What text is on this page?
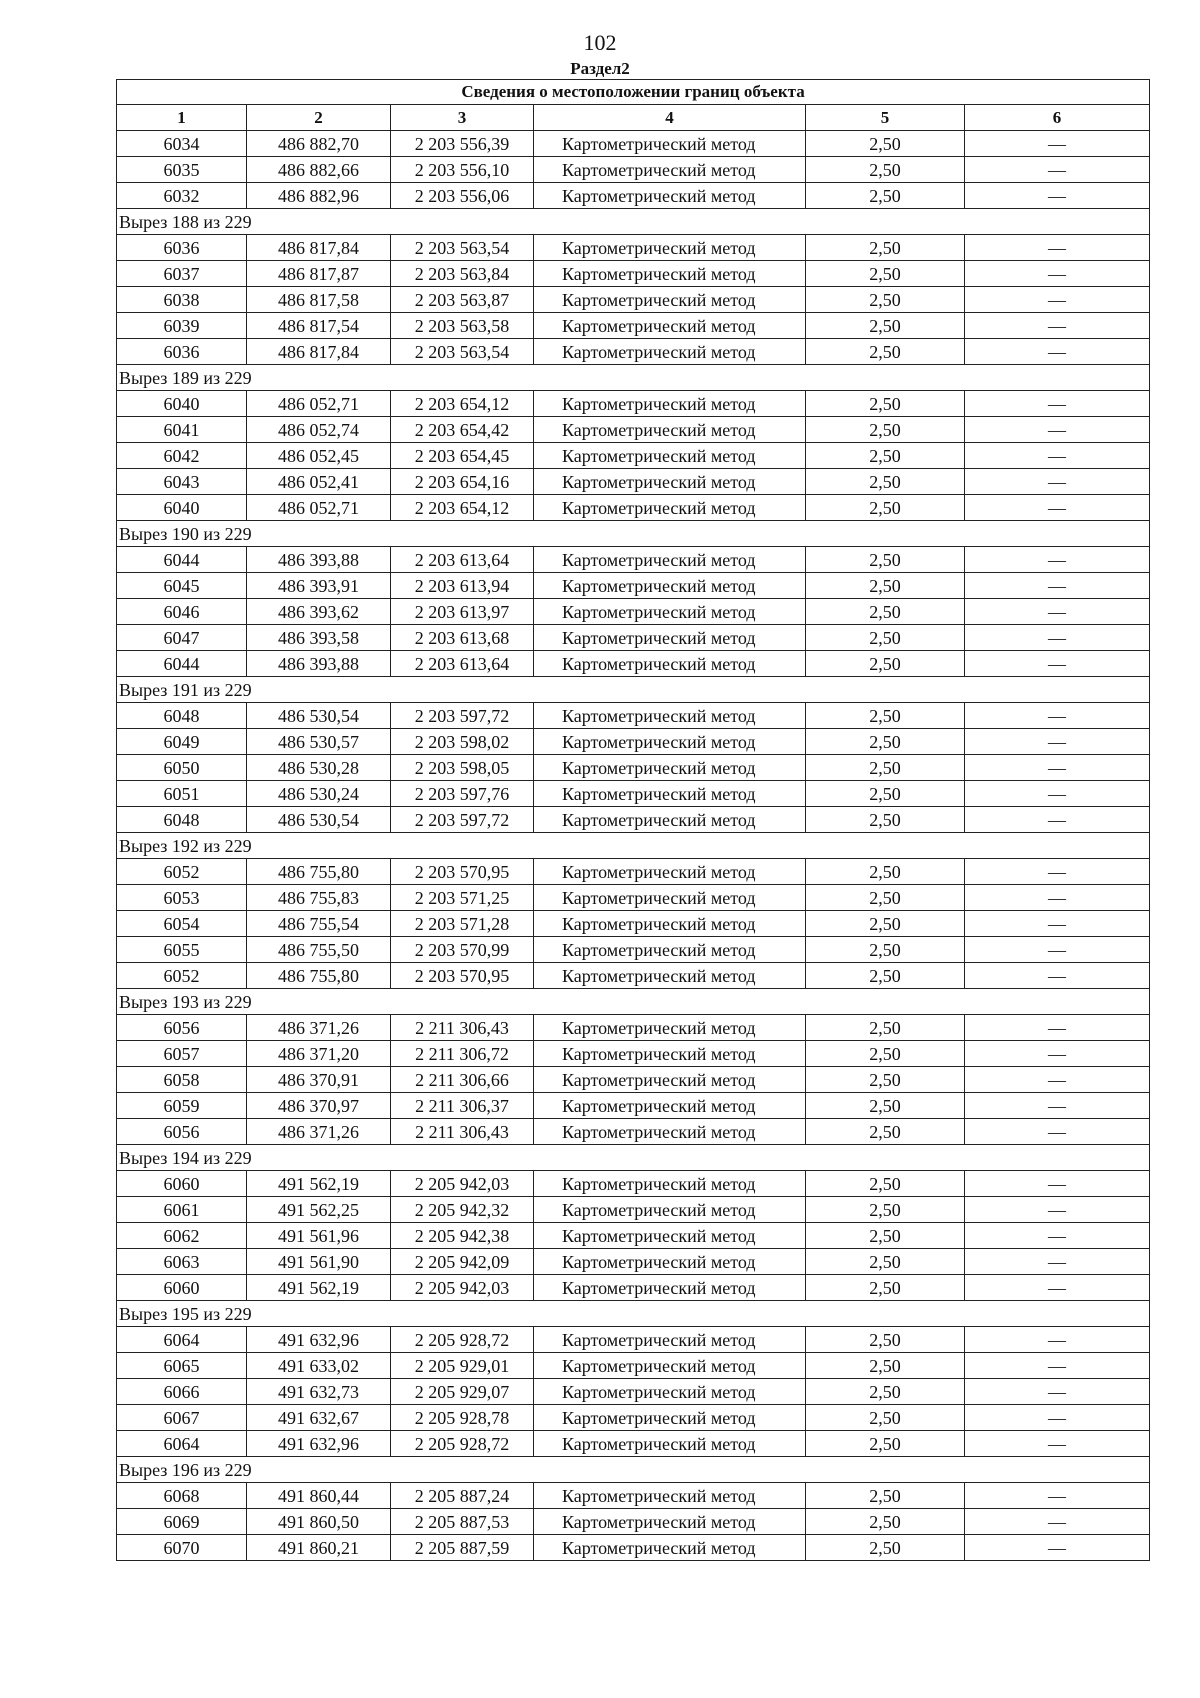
102
Раздел2
Сведения о местоположении границ объекта					
1	2	3	4	5	6
6034	486 882,70	2 203 556,39	Картометрический метод	2,50	—
6035	486 882,66	2 203 556,10	Картометрический метод	2,50	—
6032	486 882,96	2 203 556,06	Картометрический метод	2,50	—
Вырез 188 из 229					
6036	486 817,84	2 203 563,54	Картометрический метод	2,50	—
6037	486 817,87	2 203 563,84	Картометрический метод	2,50	—
6038	486 817,58	2 203 563,87	Картометрический метод	2,50	—
6039	486 817,54	2 203 563,58	Картометрический метод	2,50	—
6036	486 817,84	2 203 563,54	Картометрический метод	2,50	—
Вырез 189 из 229					
6040	486 052,71	2 203 654,12	Картометрический метод	2,50	—
6041	486 052,74	2 203 654,42	Картометрический метод	2,50	—
6042	486 052,45	2 203 654,45	Картометрический метод	2,50	—
6043	486 052,41	2 203 654,16	Картометрический метод	2,50	—
6040	486 052,71	2 203 654,12	Картометрический метод	2,50	—
Вырез 190 из 229					
6044	486 393,88	2 203 613,64	Картометрический метод	2,50	—
6045	486 393,91	2 203 613,94	Картометрический метод	2,50	—
6046	486 393,62	2 203 613,97	Картометрический метод	2,50	—
6047	486 393,58	2 203 613,68	Картометрический метод	2,50	—
6044	486 393,88	2 203 613,64	Картометрический метод	2,50	—
Вырез 191 из 229					
6048	486 530,54	2 203 597,72	Картометрический метод	2,50	—
6049	486 530,57	2 203 598,02	Картометрический метод	2,50	—
6050	486 530,28	2 203 598,05	Картометрический метод	2,50	—
6051	486 530,24	2 203 597,76	Картометрический метод	2,50	—
6048	486 530,54	2 203 597,72	Картометрический метод	2,50	—
Вырез 192 из 229					
6052	486 755,80	2 203 570,95	Картометрический метод	2,50	—
6053	486 755,83	2 203 571,25	Картометрический метод	2,50	—
6054	486 755,54	2 203 571,28	Картометрический метод	2,50	—
6055	486 755,50	2 203 570,99	Картометрический метод	2,50	—
6052	486 755,80	2 203 570,95	Картометрический метод	2,50	—
Вырез 193 из 229					
6056	486 371,26	2 211 306,43	Картометрический метод	2,50	—
6057	486 371,20	2 211 306,72	Картометрический метод	2,50	—
6058	486 370,91	2 211 306,66	Картометрический метод	2,50	—
6059	486 370,97	2 211 306,37	Картометрический метод	2,50	—
6056	486 371,26	2 211 306,43	Картометрический метод	2,50	—
Вырез 194 из 229					
6060	491 562,19	2 205 942,03	Картометрический метод	2,50	—
6061	491 562,25	2 205 942,32	Картометрический метод	2,50	—
6062	491 561,96	2 205 942,38	Картометрический метод	2,50	—
6063	491 561,90	2 205 942,09	Картометрический метод	2,50	—
6060	491 562,19	2 205 942,03	Картометрический метод	2,50	—
Вырез 195 из 229					
6064	491 632,96	2 205 928,72	Картометрический метод	2,50	—
6065	491 633,02	2 205 929,01	Картометрический метод	2,50	—
6066	491 632,73	2 205 929,07	Картометрический метод	2,50	—
6067	491 632,67	2 205 928,78	Картометрический метод	2,50	—
6064	491 632,96	2 205 928,72	Картометрический метод	2,50	—
Вырез 196 из 229					
6068	491 860,44	2 205 887,24	Картометрический метод	2,50	—
6069	491 860,50	2 205 887,53	Картометрический метод	2,50	—
6070	491 860,21	2 205 887,59	Картометрический метод	2,50	—
